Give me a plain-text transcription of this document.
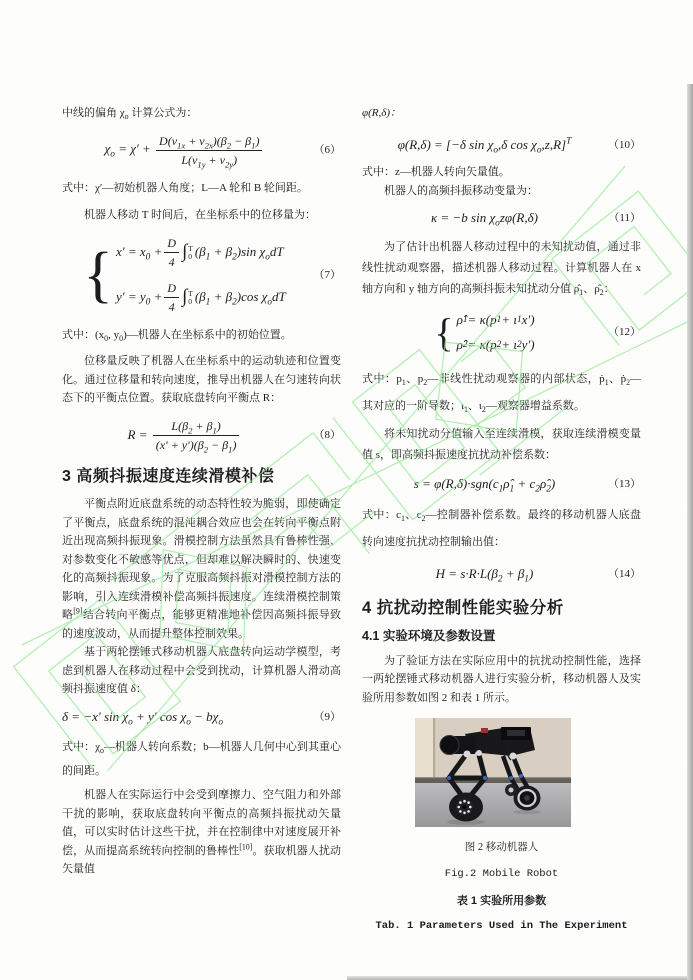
中线的偏角 $\chi_o$ 计算公式为：

$\chi_o = \chi' + \frac{D(v_{1x} + v_{2x})(\beta_2 - \beta_1)}{L(v_{1y} + v_{2y})}$	（6）

式中：χ′—初始机器人角度；L—A 轮和 B 轮间距。

机器人移动 T 时间后，在坐标系中的位移量为：

{ $x' = x_0 + \frac{D}{4}$ ∫ T
0 $(\beta_1 + \beta_2)\sin$ $\chi_odT$
$y' = y_0 + \frac{D}{4}$ ∫ T
0 $(\beta_1 + \beta_2)\cos$ $\chi_odT$
（7）

式中：($x_0$, $y_0)—$机器人在坐标系中的初始位置。

位移量反映了机器人在坐标系中的运动轨迹和位置变化。通过位移量和转向速度，推导出机器人在匀速转向状态下的平衡点位置。获取底盘转向平衡点 R：

$R = \frac{L(\beta_2 + \beta_1)}{(x' + y')(\beta_2 - \beta_1)}$	（8）

3 高频抖振速度连续滑模补偿

平衡点附近底盘系统的动态特性较为脆弱，即使确定了平衡点，底盘系统的混沌耦合效应也会在转向平衡点附近出现高频抖振现象。滑模控制方法虽然具有鲁棒性强、对参数变化不敏感等优点，但却难以解决瞬时的、快速变化的高频抖振现象。为了克服高频抖振对滑模控制方法的影响，引入连续滑模补偿高频抖振速度。连续滑模控制策略[9]结合转向平衡点，能够更精准地补偿因高频抖振导致的速度波动，从而提升整体控制效果。

基于两轮摆锤式移动机器人底盘转向运动学模型，考虑到机器人在移动过程中会受到扰动，计算机器人滑动高频抖振速度值 δ：

δ = −x′ $\sin \chi_o + y'$ $\cos \chi_o - b\chi_o$	（9）

式中：$\chi_o—$机器人转向系数；b—机器人几何中心到其重心的间距。

机器人在实际运行中会受到摩擦力、空气阻力和外部干扰的影响，获取底盘转向平衡点的高频抖振扰动矢量值，可以实时估计这些干扰，并在控制律中对速度展开补偿，从而提高系统转向控制的鲁棒性[10]。获取机器人扰动矢量值

φ(R,δ)：

φ(R,δ) = [−δ $\sin \chi_o,\delta$ $\cos \chi_o,z,R]^T$	（10）

式中：z—机器人转向矢量值。

机器人的高频抖振移动变量为：

κ = −b $\sin \chi_oz\varphi(R,\delta)$	（11）

为了估计出机器人移动过程中的未知扰动值，通过非线性扰动观察器，描述机器人移动过程。计算机器人在 x 轴方向和 y 轴方向的高频抖振未知扰动分值 $\rhô_1$、$\rhô_2$：

{ ρ̂ 1 = κ(p 1 + ι 1 x′)
ρ̂ 2 = κ(p 2 + ι 2 y′)
（12）

式中：$p_1$、$p_2—$非线性扰动观察器的内部状态，ṗ$_1$、ṗ$_2$—其对应的一阶导数；$\iota_1$、$\iota_2—$观察器增益系数。

将未知扰动分值输入至连续滑模，获取连续滑模变量值 s，即高频抖振速度抗扰动补偿系数：

$s = \varphi(R,\delta)\cdot sgn(c_1\rhô_1$ + $c_2\rhô_2$)	（13）

式中：$c_1$、$c_2—$控制器补偿系数。最终的移动机器人底盘转向速度抗扰动控制输出值：

$H = s\cdot R\cdot L(\beta_2 + \beta_1)$	（14）

4 抗扰动控制性能实验分析

4.1 实验环境及参数设置

为了验证方法在实际应用中的抗扰动控制性能，选择一两轮摆锤式移动机器人进行实验分析，移动机器人及实验所用参数如图 2 和表 1 所示。

图 2 移动机器人

Fig.2 Mobile Robot

表 1 实验所用参数

Tab. 1 Parameters Used in The Experiment
